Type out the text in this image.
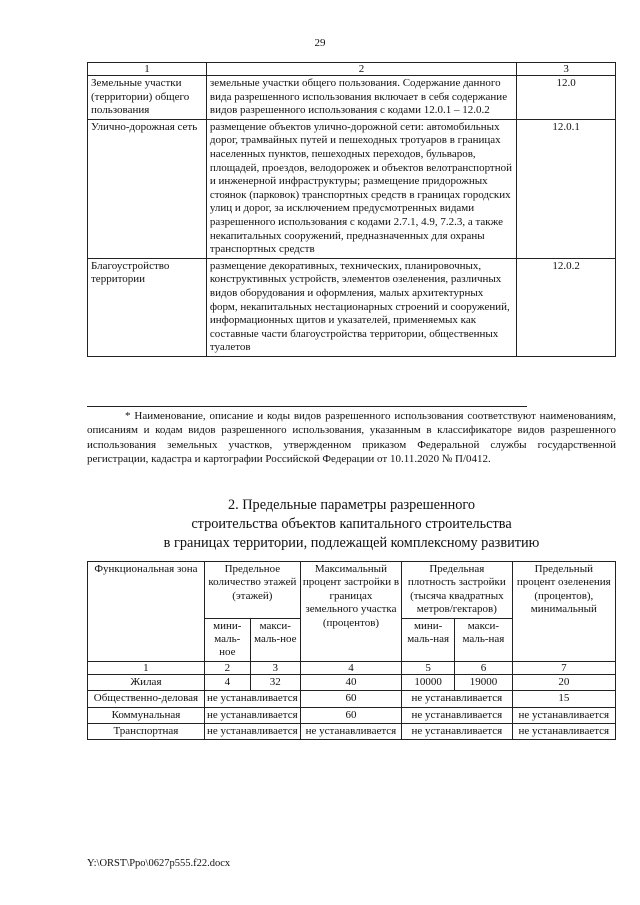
29
1	2	3
Земельные участки (территории) общего пользования	земельные участки общего пользования. Содержание данного вида разрешенного использования включает в себя содержание видов разрешенного использования с кодами 12.0.1 – 12.0.2	12.0
Улично-дорожная сеть	размещение объектов улично-дорожной сети: автомобильных дорог, трамвайных путей и пешеходных тротуаров в границах населенных пунктов, пешеходных переходов, бульваров, площадей, проездов, велодорожек и объектов велотранспортной и инженерной инфраструктуры; размещение придорожных стоянок (парковок) транспортных средств в границах городских улиц и дорог, за исключением предусмотренных видами разрешенного использования с кодами 2.7.1, 4.9, 7.2.3, а также некапитальных сооружений, предназначенных для охраны транспортных средств	12.0.1
Благоустройство территории	размещение декоративных, технических, планировочных, конструктивных устройств, элементов озеленения, различных видов оборудования и оформления, малых архитектурных форм, некапитальных нестационарных строений и сооружений, информационных щитов и указателей, применяемых как составные части благоустройства территории, общественных туалетов	12.0.2

* Наименование, описание и коды видов разрешенного использования соответствуют наименованиям, описаниям и кодам видов разрешенного использования, указанным в классификаторе видов разрешенного использования земельных участков, утвержденном приказом Федеральной службы государственной регистрации, кадастра и картографии Российской Федерации от 10.11.2020 № П/0412.

2. Предельные параметры разрешенного
строительства объектов капитального строительства
в границах территории, подлежащей комплексному развитию
Функциональная зона	Предельное количество этажей (этажей)		Максимальный процент застройки в границах земельного участка (процентов)	Предельная плотность застройки (тысяча квадратных метров/гектаров)		Предельный процент озеленения (процентов), минимальный
	мини-маль-ное	макси-маль-ное		мини-маль-ная	макси-маль-ная	
1	2	3	4	5	6	7
Жилая	4	32	40	10000	19000	20
Общественно-деловая	не устанавливается		60	не устанавливается		15
Коммунальная	не устанавливается		60	не устанавливается		не устанавливается
Транспортная	не устанавливается		не устанавливается	не устанавливается		не устанавливается
Y:\ORST\Ppo\0627p555.f22.docx
